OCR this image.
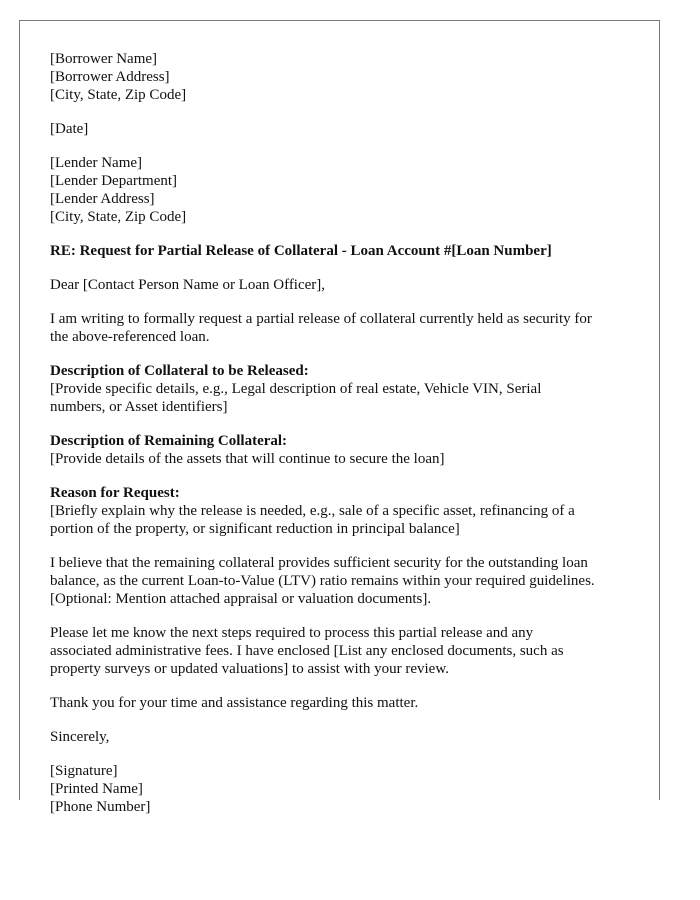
[Borrower Name]
[Borrower Address]
[City, State, Zip Code]
[Date]
[Lender Name]
[Lender Department]
[Lender Address]
[City, State, Zip Code]
RE: Request for Partial Release of Collateral - Loan Account #[Loan Number]
Dear [Contact Person Name or Loan Officer],
I am writing to formally request a partial release of collateral currently held as security for
the above-referenced loan.
Description of Collateral to be Released:
[Provide specific details, e.g., Legal description of real estate, Vehicle VIN, Serial
numbers, or Asset identifiers]
Description of Remaining Collateral:
[Provide details of the assets that will continue to secure the loan]
Reason for Request:
[Briefly explain why the release is needed, e.g., sale of a specific asset, refinancing of a
portion of the property, or significant reduction in principal balance]
I believe that the remaining collateral provides sufficient security for the outstanding loan
balance, as the current Loan-to-Value (LTV) ratio remains within your required guidelines.
[Optional: Mention attached appraisal or valuation documents].
Please let me know the next steps required to process this partial release and any
associated administrative fees. I have enclosed [List any enclosed documents, such as
property surveys or updated valuations] to assist with your review.
Thank you for your time and assistance regarding this matter.
Sincerely,
[Signature]
[Printed Name]
[Phone Number]
